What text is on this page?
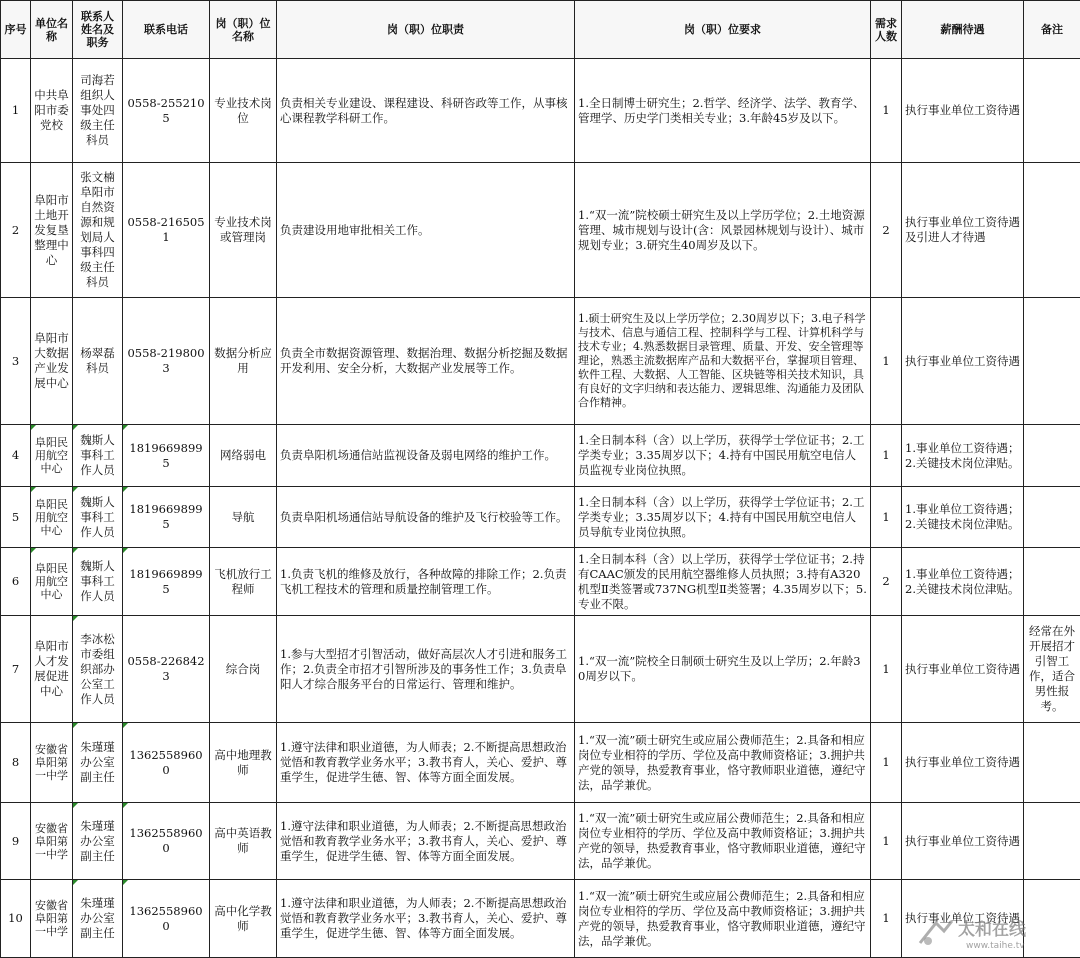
序号	单位名称	联系人姓名及职务	联系电话	岗（职）位名称	岗（职）位职责	岗（职）位要求	需求人数	薪酬待遇	备注
1	中共阜阳市委党校	司海若组织人事处四级主任科员	0558-2552105	专业技术岗位	负责相关专业建设、课程建设、科研咨政等工作，从事核心课程教学科研工作。	1.全日制博士研究生；2.哲学、经济学、法学、教育学、管理学、历史学门类相关专业；3.年龄45岁及以下。	1	执行事业单位工资待遇	
2	阜阳市土地开发复垦整理中心	张文楠阜阳市自然资源和规划局人事科四级主任科员	0558-2165051	专业技术岗或管理岗	负责建设用地审批相关工作。	1.“双一流”院校硕士研究生及以上学历学位；2.土地资源管理、城市规划与设计(含：风景园林规划与设计）、城市规划专业；3.研究生40周岁及以下。	2	执行事业单位工资待遇及引进人才待遇	
3	阜阳市大数据产业发展中心	杨翠磊科员	0558-2198003	数据分析应用	负责全市数据资源管理、数据治理、数据分析挖掘及数据开发利用、安全分析，大数据产业发展等工作。	1.硕士研究生及以上学历学位；2.30周岁以下；3.电子科学与技术、信息与通信工程、控制科学与工程、计算机科学与技术专业；4.熟悉数据目录管理、质量、开发、安全管理等理论，熟悉主流数据库产品和大数据平台，掌握项目管理、软件工程、大数据、人工智能、区块链等相关技术知识，具有良好的文字归纳和表达能力、逻辑思维、沟通能力及团队合作精神。	1	执行事业单位工资待遇	
4	阜阳民用航空中心	魏斯人事科工作人员	18196698995	网络弱电	负责阜阳机场通信站监视设备及弱电网络的维护工作。	1.全日制本科（含）以上学历，获得学士学位证书；2.工学类专业；3.35周岁以下；4.持有中国民用航空电信人员监视专业岗位执照。	1	1.事业单位工资待遇；2.关键技术岗位津贴。	
5	阜阳民用航空中心	魏斯人事科工作人员	18196698995	导航	负责阜阳机场通信站导航设备的维护及飞行校验等工作。	1.全日制本科（含）以上学历，获得学士学位证书；2.工学类专业；3.35周岁以下；4.持有中国民用航空电信人员导航专业岗位执照。	1	1.事业单位工资待遇；2.关键技术岗位津贴。	
6	阜阳民用航空中心	魏斯人事科工作人员	18196698995	飞机放行工程师	1.负责飞机的维修及放行，各种故障的排除工作；2.负责飞机工程技术的管理和质量控制管理工作。	1.全日制本科（含）以上学历，获得学士学位证书；2.持有CAAC颁发的民用航空器维修人员执照；3.持有A320机型Ⅱ类签署或737NG机型Ⅱ类签署；4.35周岁以下；5.专业不限。	2	1.事业单位工资待遇；2.关键技术岗位津贴。	
7	阜阳市人才发展促进中心	李冰松市委组织部办公室工作人员	0558-2268423	综合岗	1.参与大型招才引智活动，做好高层次人才引进和服务工作；2.负责全市招才引智所涉及的事务性工作；3.负责阜阳人才综合服务平台的日常运行、管理和维护。	1.“双一流”院校全日制硕士研究生及以上学历；2.年龄30周岁以下。	1	执行事业单位工资待遇	经常在外开展招才引智工作，适合男性报考。
8	安徽省阜阳第一中学	朱瑾瑾办公室副主任	13625589600	高中地理教师	1.遵守法律和职业道德，为人师表；2.不断提高思想政治觉悟和教育教学业务水平；3.教书育人，关心、爱护、尊重学生，促进学生德、智、体等方面全面发展。	1.“双一流”硕士研究生或应届公费师范生；2.具备和相应岗位专业相符的学历、学位及高中教师资格证；3.拥护共产党的领导，热爱教育事业，恪守教师职业道德，遵纪守法，品学兼优。	1	执行事业单位工资待遇	
9	安徽省阜阳第一中学	朱瑾瑾办公室副主任	13625589600	高中英语教师	1.遵守法律和职业道德，为人师表；2.不断提高思想政治觉悟和教育教学业务水平；3.教书育人，关心、爱护、尊重学生，促进学生德、智、体等方面全面发展。	1.“双一流”硕士研究生或应届公费师范生；2.具备和相应岗位专业相符的学历、学位及高中教师资格证；3.拥护共产党的领导，热爱教育事业，恪守教师职业道德，遵纪守法，品学兼优。	1	执行事业单位工资待遇	
10	安徽省阜阳第一中学	朱瑾瑾办公室副主任	13625589600	高中化学教师	1.遵守法律和职业道德，为人师表；2.不断提高思想政治觉悟和教育教学业务水平；3.教书育人，关心、爱护、尊重学生，促进学生德、智、体等方面全面发展。	1.“双一流”硕士研究生或应届公费师范生；2.具备和相应岗位专业相符的学历、学位及高中教师资格证；3.拥护共产党的领导，热爱教育事业，恪守教师职业道德，遵纪守法，品学兼优。	1	执行事业单位工资待遇	
太和在线
www.taihe.tv
